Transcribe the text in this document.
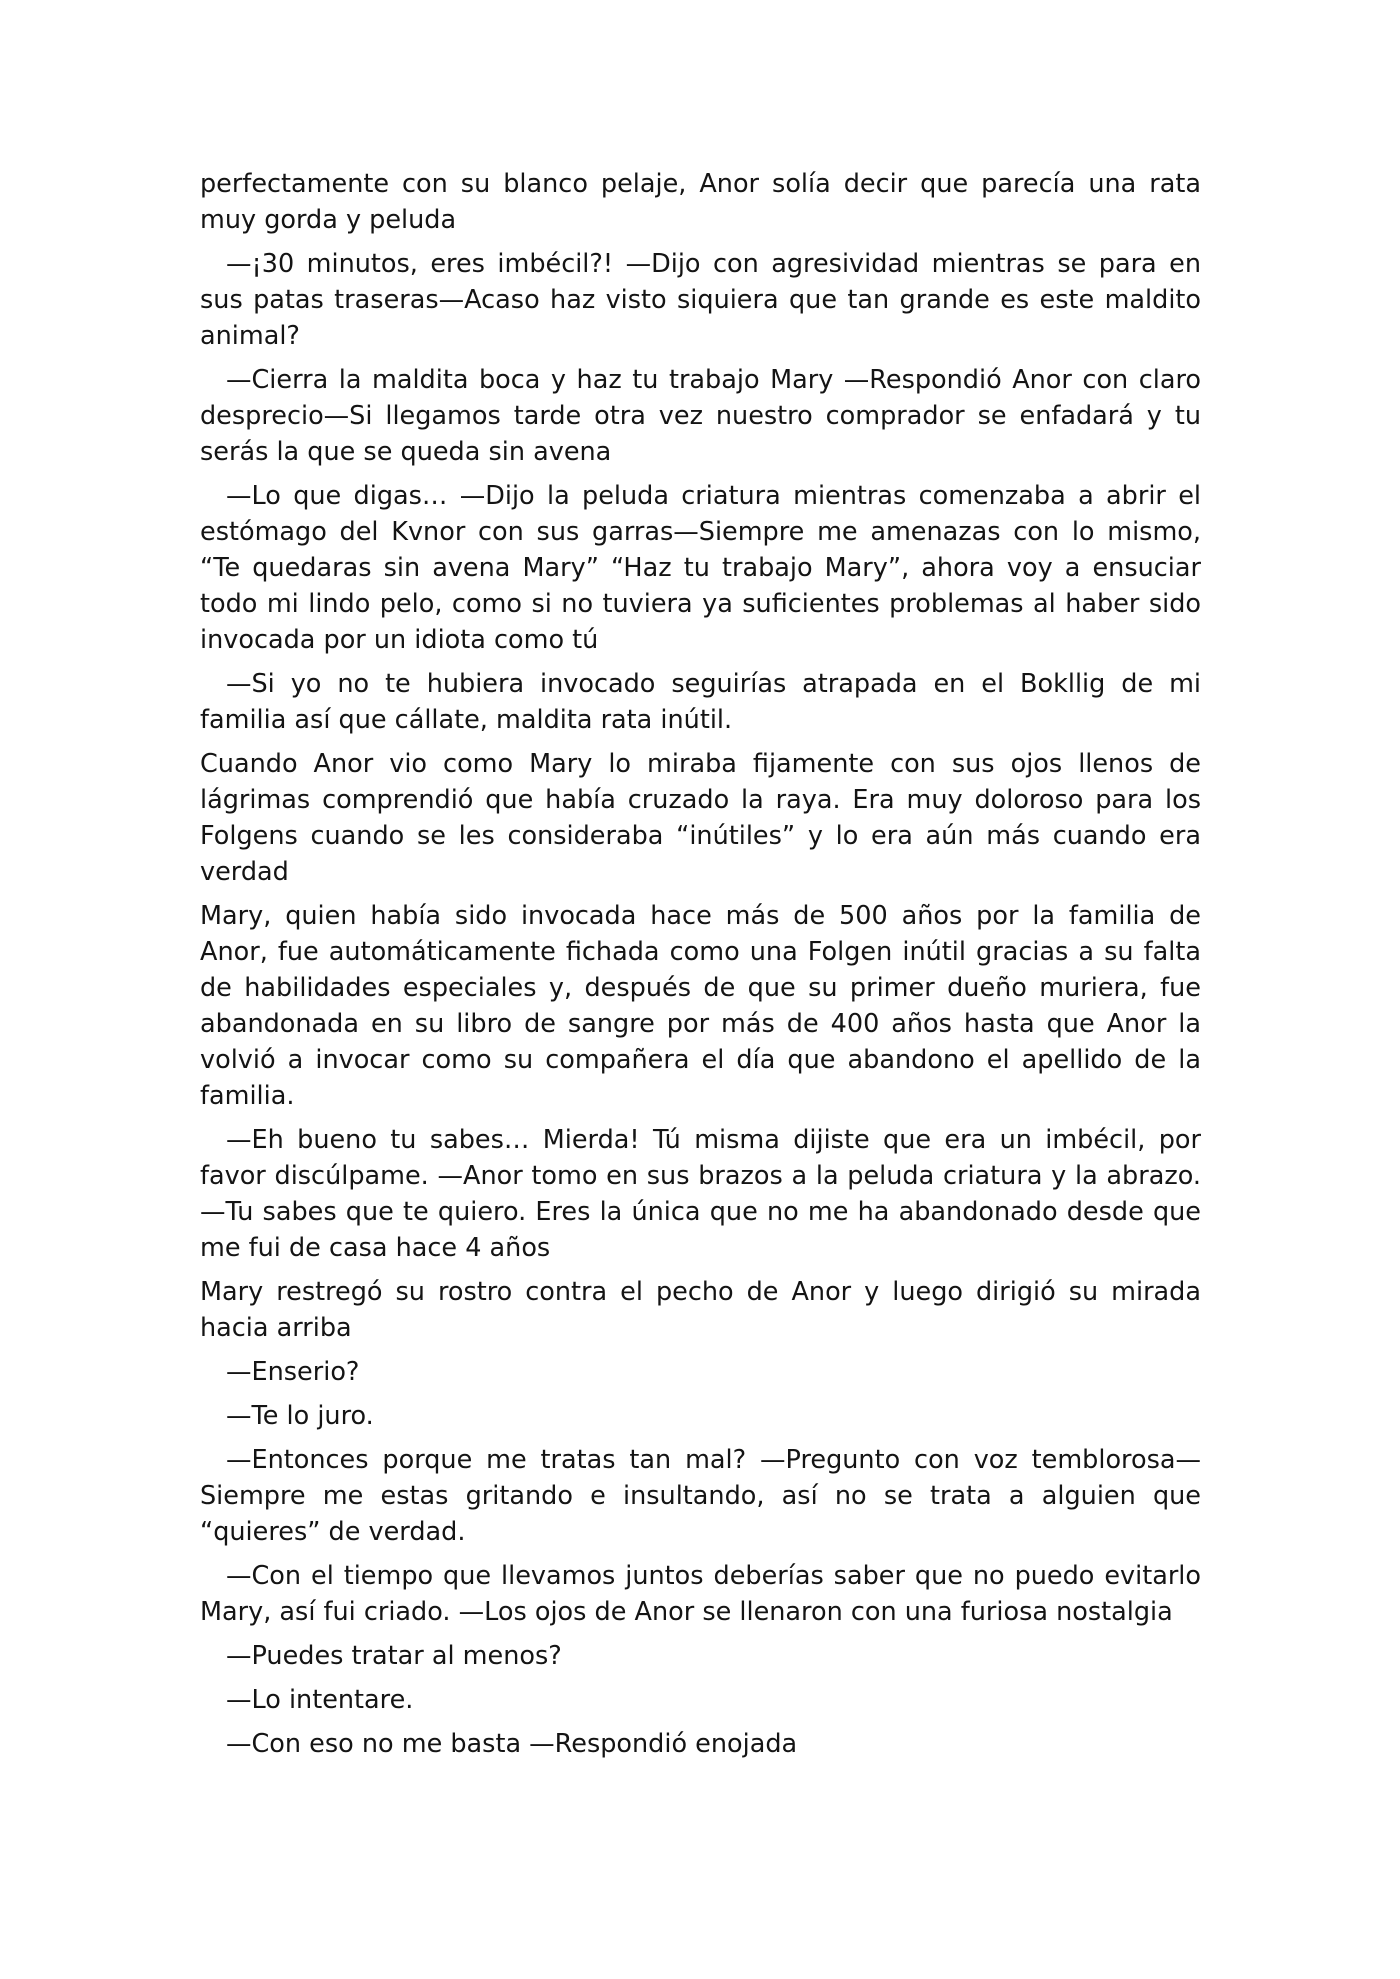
perfectamente con su blanco pelaje, Anor solía decir que parecía una rata muy gorda y peluda

—¡30 minutos, eres imbécil?! —Dijo con agresividad mientras se para en sus patas traseras—Acaso haz visto siquiera que tan grande es este maldito animal?

—Cierra la maldita boca y haz tu trabajo Mary —Respondió Anor con claro desprecio—Si llegamos tarde otra vez nuestro comprador se enfadará y tu serás la que se queda sin avena

—Lo que digas… —Dijo la peluda criatura mientras comenzaba a abrir el estómago del Kvnor con sus garras—Siempre me amenazas con lo mismo, “Te quedaras sin avena Mary” “Haz tu trabajo Mary”, ahora voy a ensuciar todo mi lindo pelo, como si no tuviera ya suficientes problemas al haber sido invocada por un idiota como tú

—Si yo no te hubiera invocado seguirías atrapada en el Bokllig de mi familia así que cállate, maldita rata inútil.

Cuando Anor vio como Mary lo miraba fijamente con sus ojos llenos de lágrimas comprendió que había cruzado la raya. Era muy doloroso para los Folgens cuando se les consideraba “inútiles” y lo era aún más cuando era verdad

Mary, quien había sido invocada hace más de 500 años por la familia de Anor, fue automáticamente fichada como una Folgen inútil gracias a su falta de habilidades especiales y, después de que su primer dueño muriera, fue abandonada en su libro de sangre por más de 400 años hasta que Anor la volvió a invocar como su compañera el día que abandono el apellido de la familia.

—Eh bueno tu sabes… Mierda! Tú misma dijiste que era un imbécil, por favor discúlpame. —Anor tomo en sus brazos a la peluda criatura y la abrazo. —Tu sabes que te quiero. Eres la única que no me ha abandonado desde que me fui de casa hace 4 años

Mary restregó su rostro contra el pecho de Anor y luego dirigió su mirada hacia arriba

—Enserio?

—Te lo juro.

—Entonces porque me tratas tan mal? —Pregunto con voz temblorosa—Siempre me estas gritando e insultando, así no se trata a alguien que “quieres” de verdad.

—Con el tiempo que llevamos juntos deberías saber que no puedo evitarlo Mary, así fui criado. —Los ojos de Anor se llenaron con una furiosa nostalgia

—Puedes tratar al menos?

—Lo intentare.

—Con eso no me basta —Respondió enojada
